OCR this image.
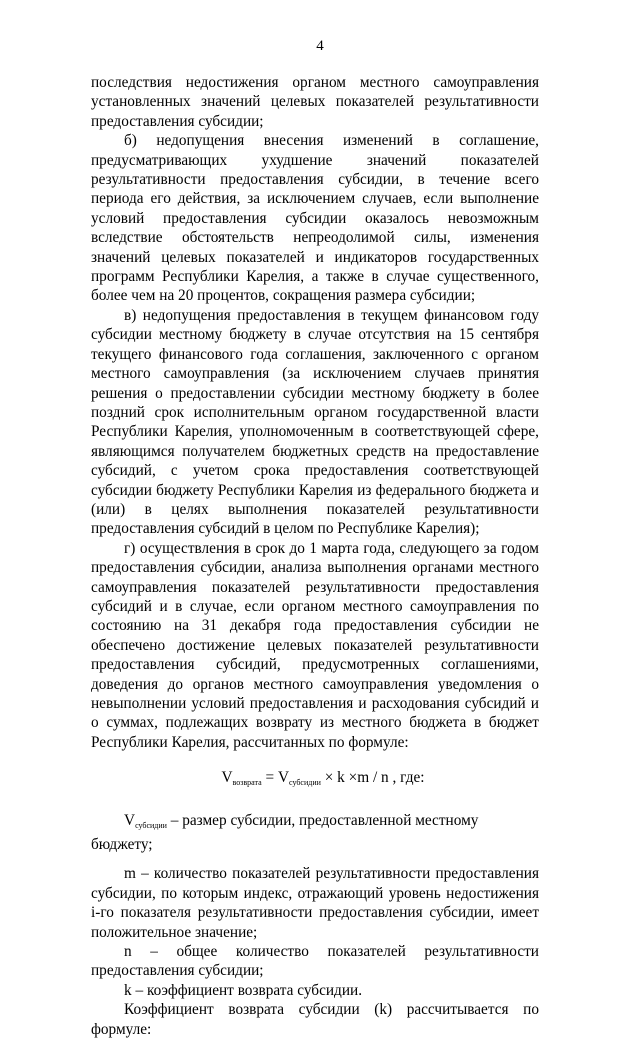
4

последствия недостижения органом местного самоуправления установленных значений целевых показателей результативности предоставления субсидии;

б) недопущения внесения изменений в соглашение, предусматривающих ухудшение значений показателей результативности предоставления субсидии, в течение всего периода его действия, за исключением случаев, если выполнение условий предоставления субсидии оказалось невозможным вследствие обстоятельств непреодолимой силы, изменения значений целевых показателей и индикаторов государственных программ Республики Карелия, а также в случае существенного, более чем на 20 процентов, сокращения размера субсидии;

в) недопущения предоставления в текущем финансовом году субсидии местному бюджету в случае отсутствия на 15 сентября текущего финансового года соглашения, заключенного с органом местного самоуправления (за исключением случаев принятия решения о предоставлении субсидии местному бюджету в более поздний срок исполнительным органом государственной власти Республики Карелия, уполномоченным в соответствующей сфере, являющимся получателем бюджетных средств на предоставление субсидий, с учетом срока предоставления соответствующей субсидии бюджету Республики Карелия из федерального бюджета и (или) в целях выполнения показателей результативности предоставления субсидий в целом по Республике Карелия);

г) осуществления в срок до 1 марта года, следующего за годом предоставления субсидии, анализа выполнения органами местного самоуправления показателей результативности предоставления субсидий и в случае, если органом местного самоуправления по состоянию на 31 декабря года предоставления субсидии не обеспечено достижение целевых показателей результативности предоставления субсидий, предусмотренных соглашениями, доведения до органов местного самоуправления уведомления о невыполнении условий предоставления и расходования субсидий и о суммах, подлежащих возврату из местного бюджета в бюджет Республики Карелия, рассчитанных по формуле:

$V_{возврата} = V_{субсидии} \times k \times m / n$ , где:

$V_{субсидии}$ – размер субсидии, предоставленной местному бюджету;

m – количество показателей результативности предоставления субсидии, по которым индекс, отражающий уровень недостижения i-го показателя результативности предоставления субсидии, имеет положительное значение;

n – общее количество показателей результативности предоставления субсидии;

k – коэффициент возврата субсидии.

Коэффициент возврата субсидии (k) рассчитывается по формуле:
